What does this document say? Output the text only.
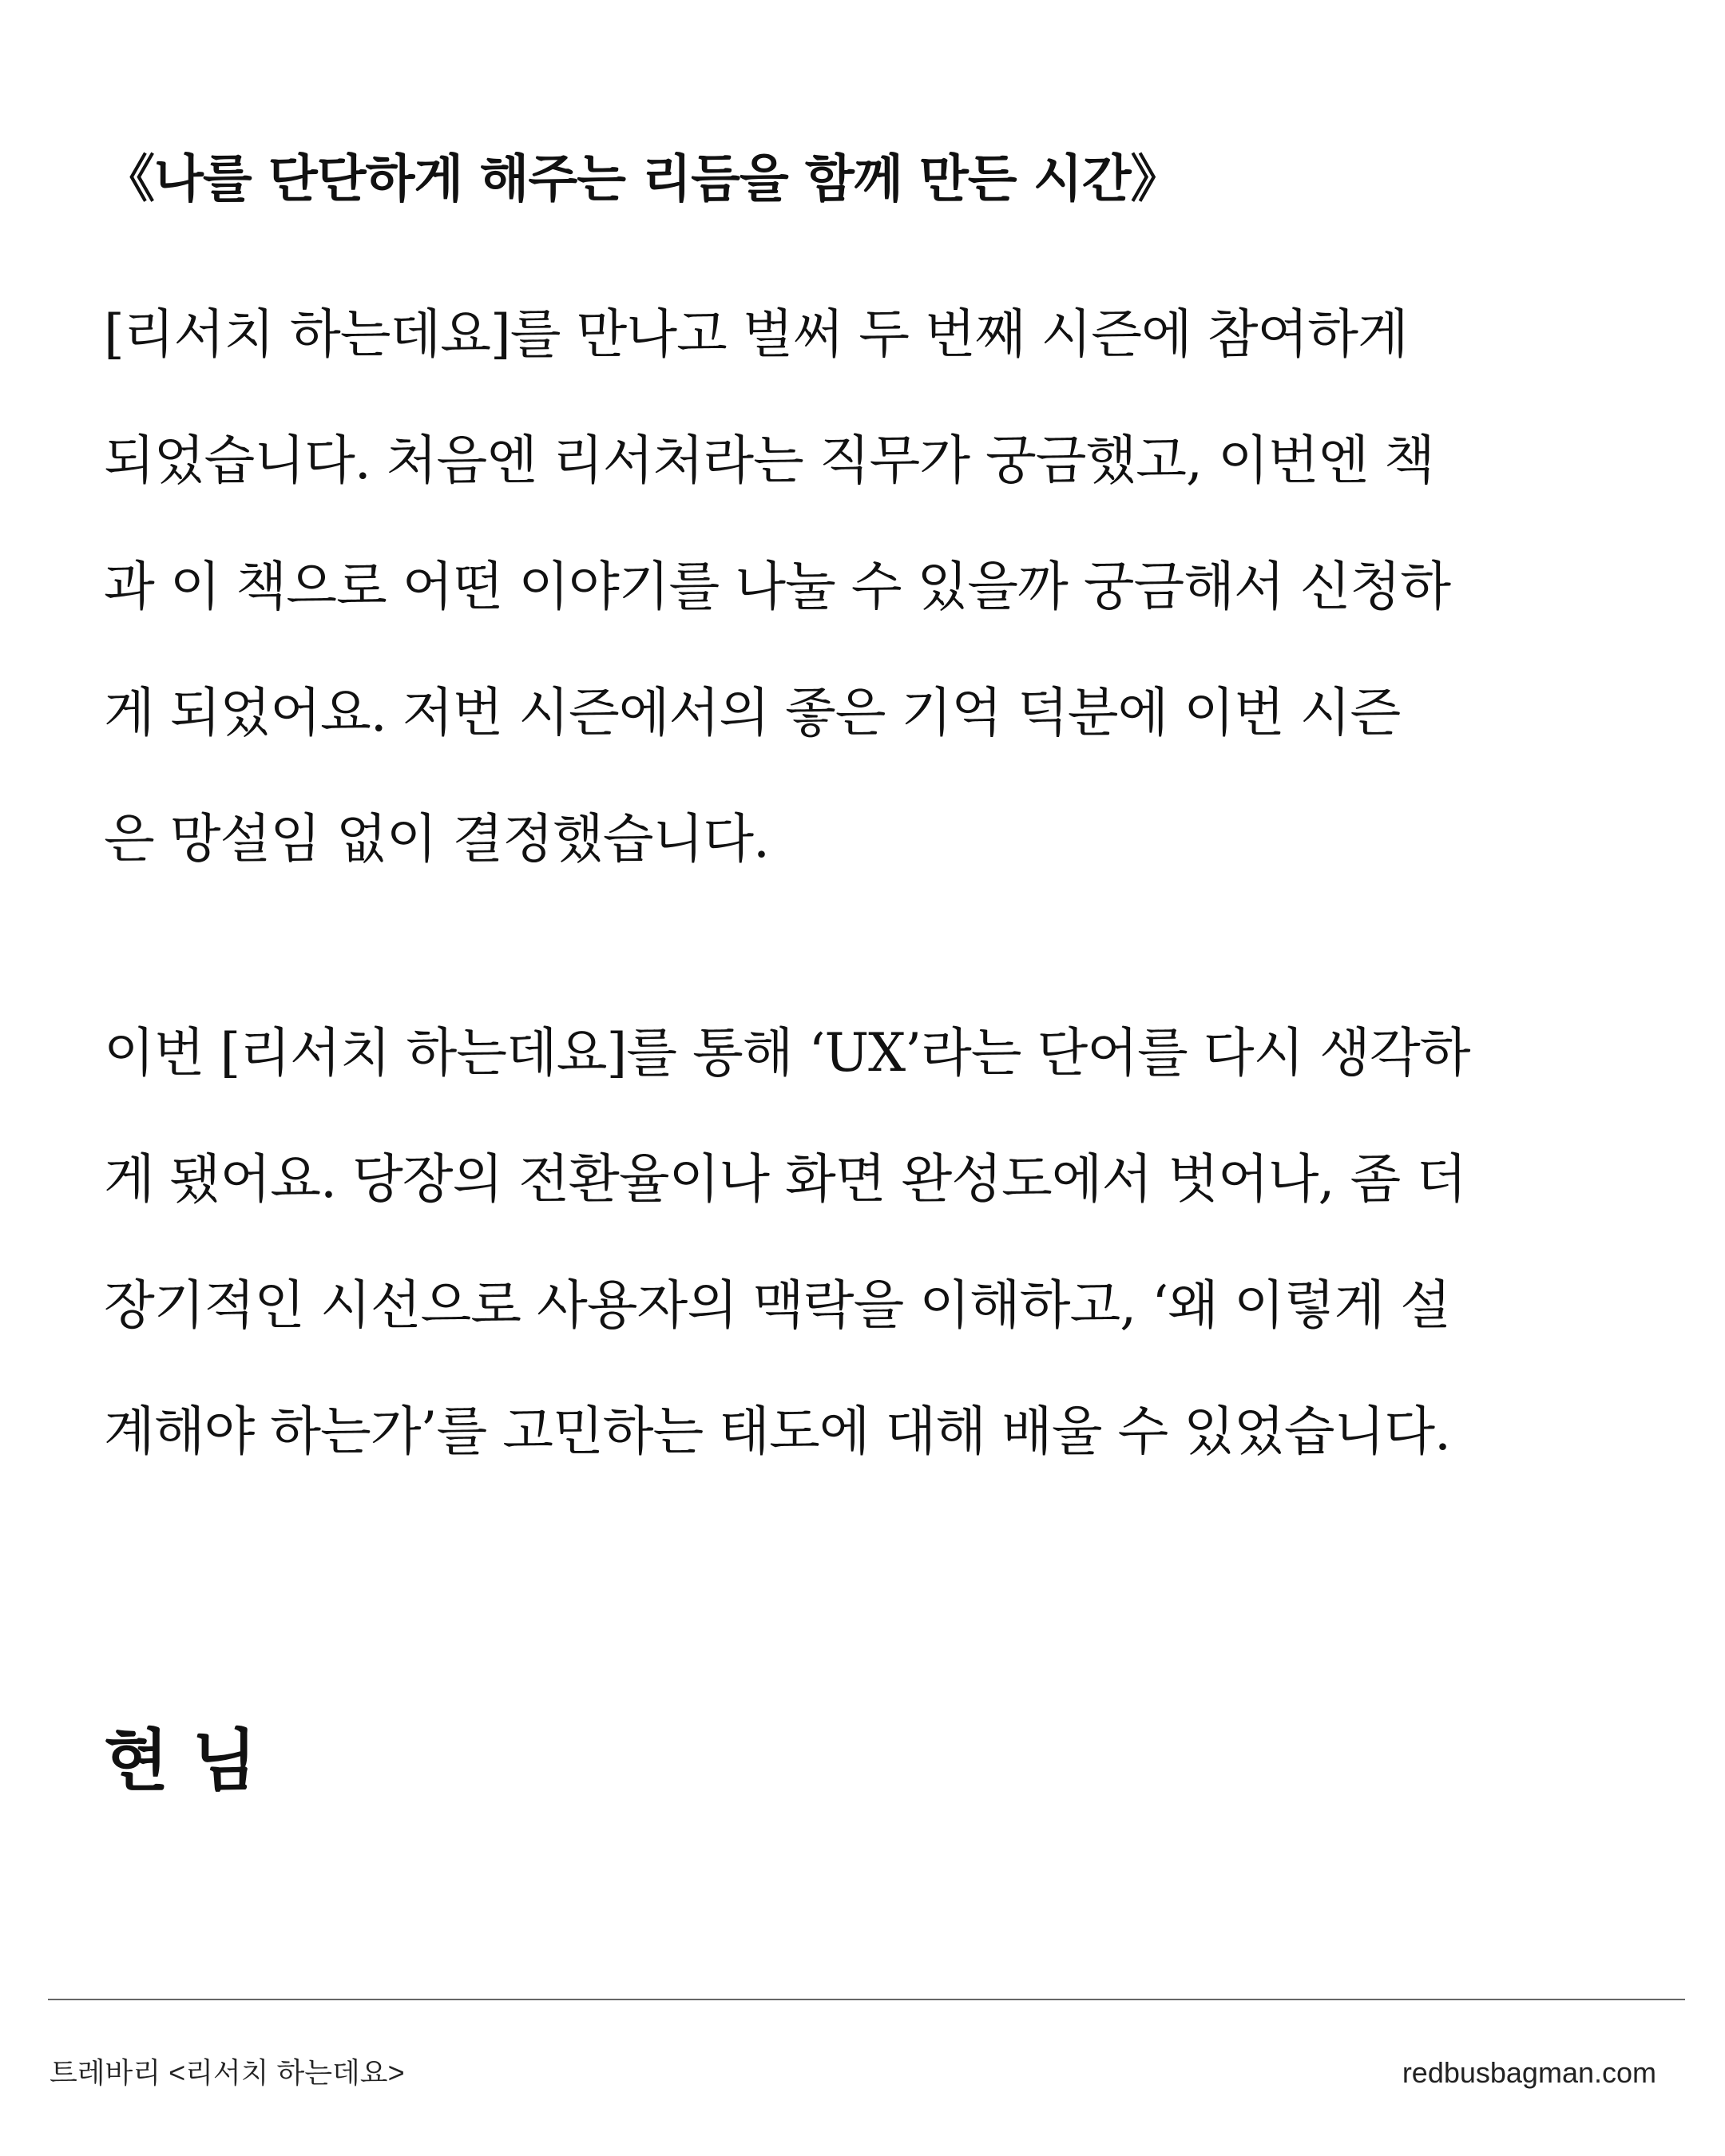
《나를 단단하게 해주는 리듬을 함께 만든 시간》

[리서치 하는데요]를 만나고 벌써 두 번째 시즌에 참여하게
되었습니다. 처음엔 리서처라는 직무가 궁금했고, 이번엔 책
과 이 책으로 어떤 이야기를 나눌 수 있을까 궁금해서 신청하
게 되었어요. 저번 시즌에서의 좋은 기억 덕분에 이번 시즌
은 망설임 없이 결정했습니다.

이번 [리서치 하는데요]를 통해 ‘UX’라는 단어를 다시 생각하
게 됐어요. 당장의 전환율이나 화면 완성도에서 벗어나, 좀 더
장기적인 시선으로 사용자의 맥락을 이해하고, ‘왜 이렇게 설
계해야 하는가’를 고민하는 태도에 대해 배울 수 있었습니다.

현 님
트레바리 <리서치 하는데요>	redbusbagman.com
